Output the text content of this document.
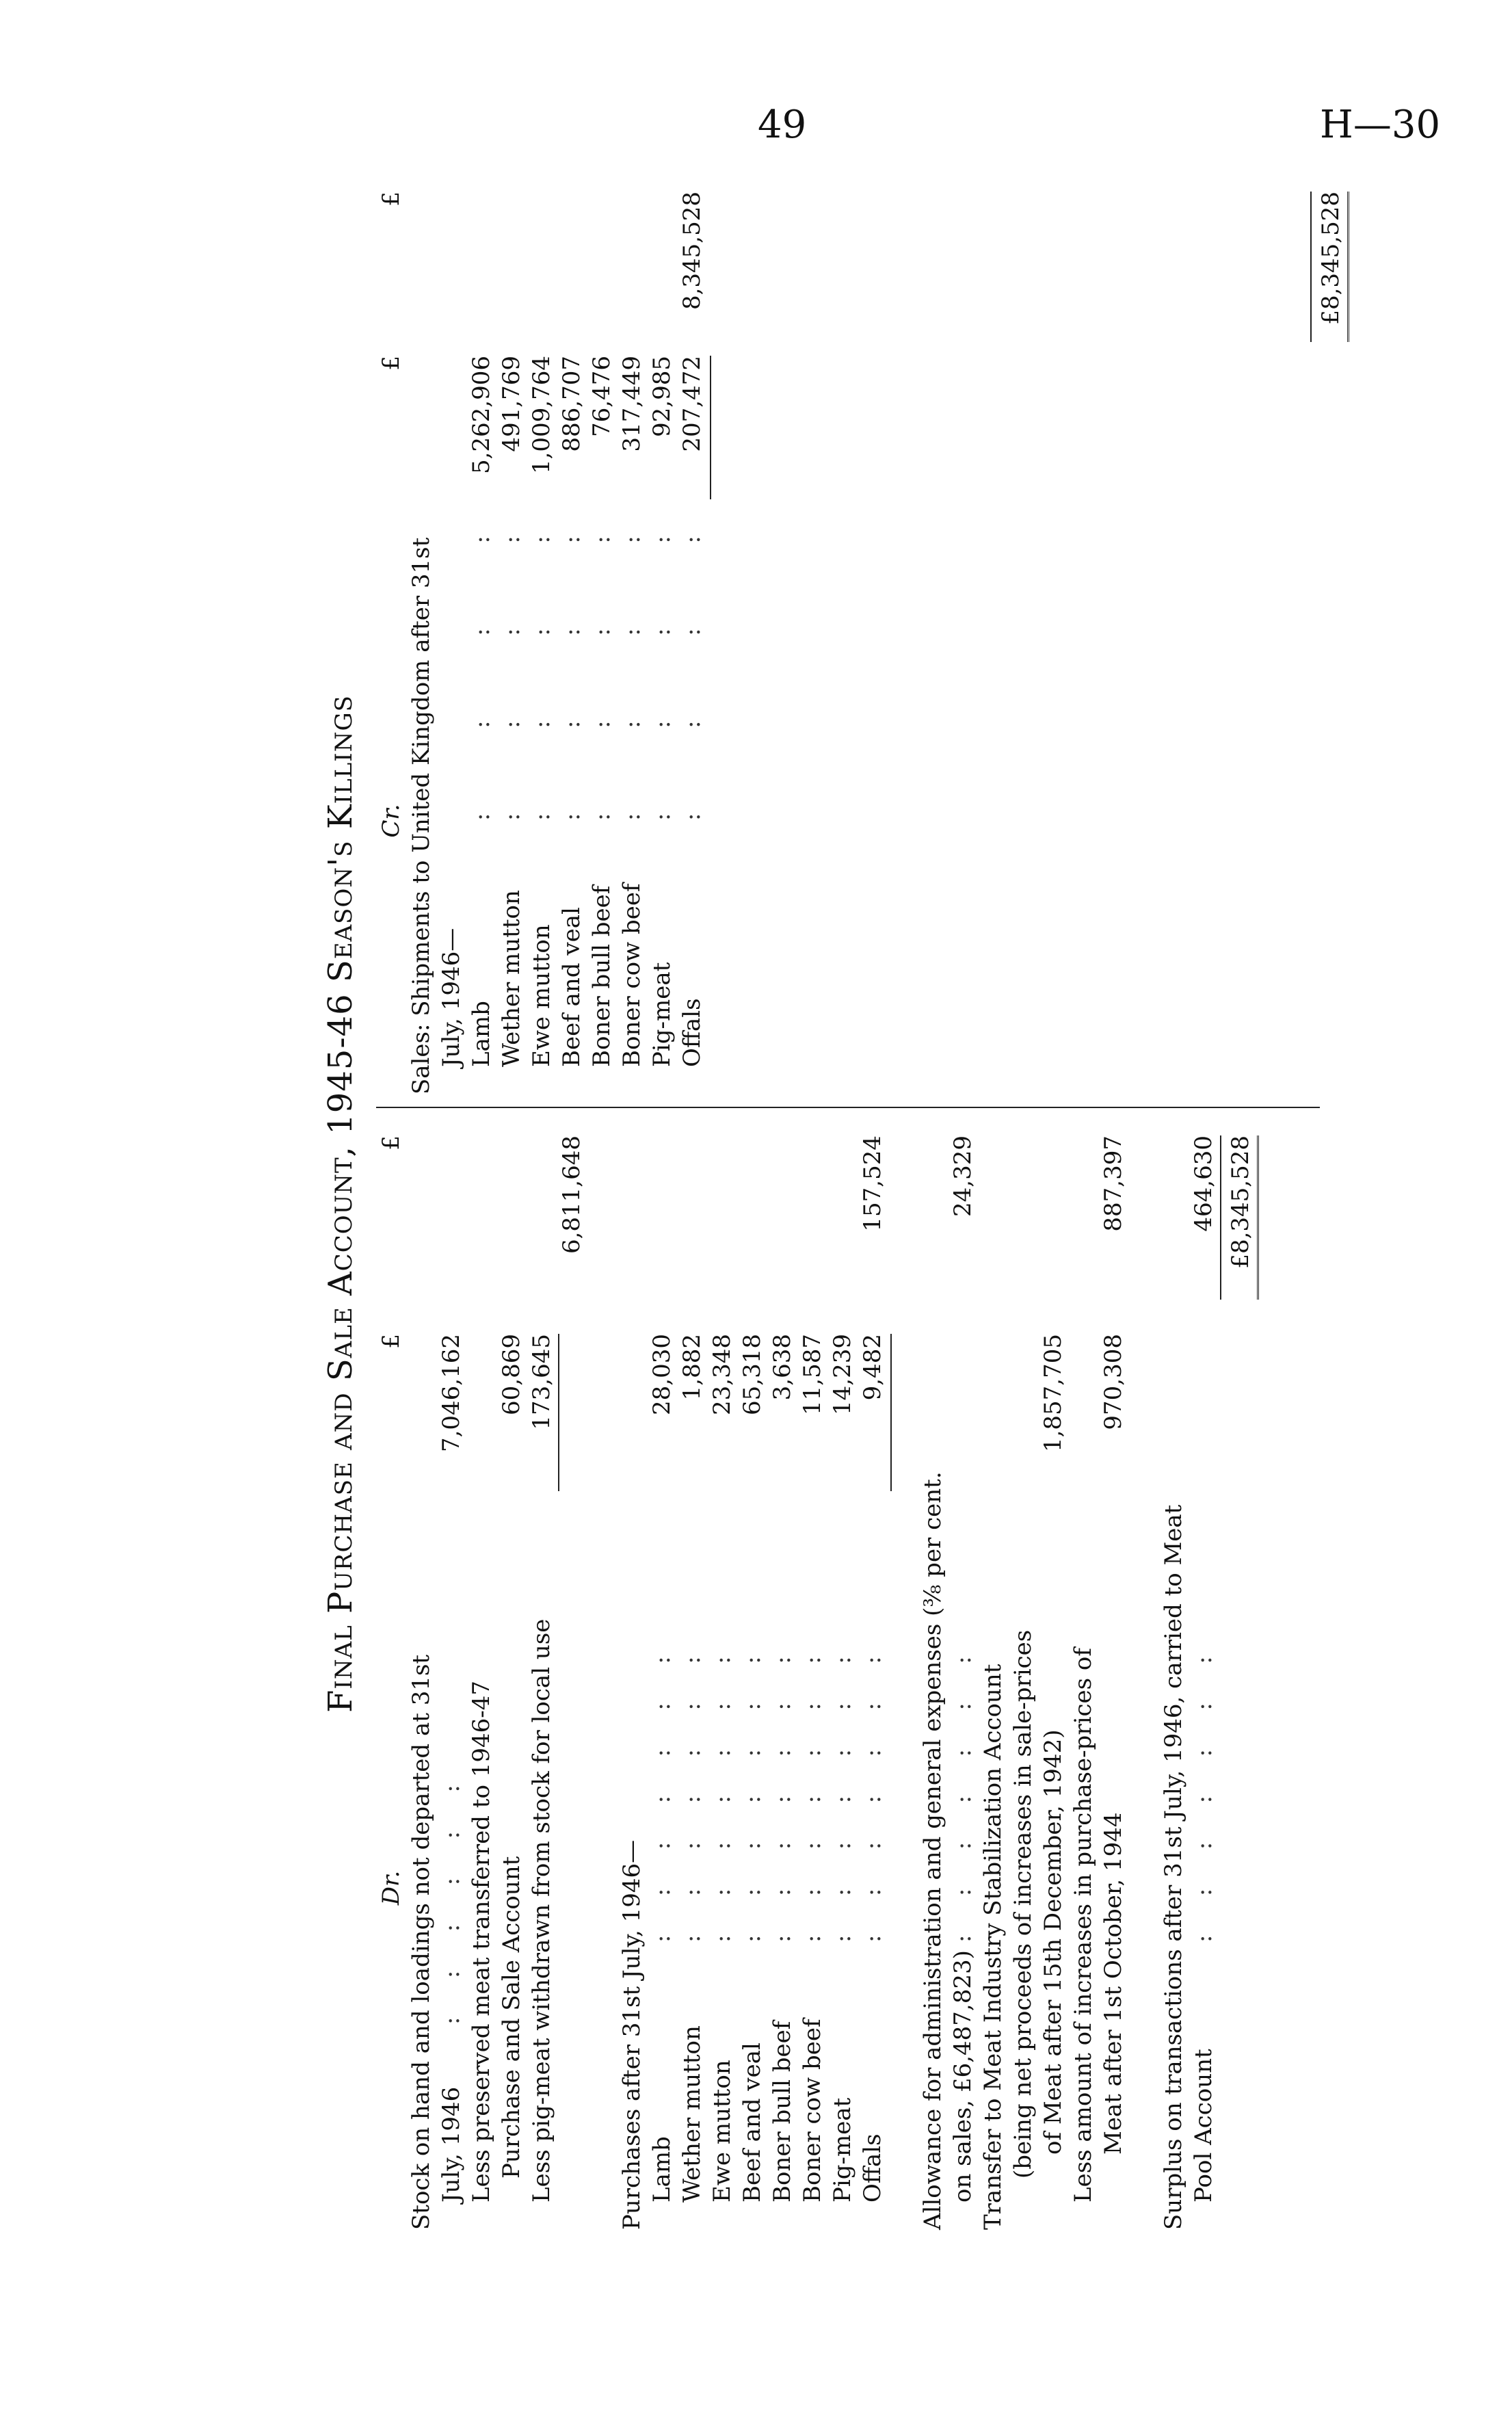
49	H—30
Final Purchase and Sale Account, 1945-46 Season's Killings
Dr.
£
£
Stock on hand and loadings not departed at 31st July, 1946
:   :   :   :   :   :
7,046,162
Less preserved meat transferred to 1946-47 Purchase and Sale Account
60,869
Less pig-meat withdrawn from stock for local use
173,645
6,811,648
Purchases after 31st July, 1946— Lamb
:   :   :   :   :   :   :
28,030
Wether mutton
:   :   :   :   :   :   :
1,882
Ewe mutton
:   :   :   :   :   :   :
23,348
Beef and veal
:   :   :   :   :   :   :
65,318
Boner bull beef
:   :   :   :   :   :   :
3,638
Boner cow beef
:   :   :   :   :   :   :
11,587
Pig-meat
:   :   :   :   :   :   :
14,239
Offals
:   :   :   :   :   :   :
9,482
157,524
Allowance for administration and general expenses (⅜ per cent. on sales, £6,487,823)
:   :   :   :   :   :   :
24,329
Transfer to Meat Industry Stabilization Account (being net proceeds of increases in sale-prices of Meat after 15th December, 1942)
1,857,705
Less amount of increases in purchase-prices of Meat after 1st October, 1944
970,308
887,397
Surplus on transactions after 31st July, 1946, carried to Meat Pool Account
:   :   :   :   :   :   :
464,630 £8,345,528
Cr.
£
£
Sales: Shipments to United Kingdom after 31st July, 1946— Lamb
:       :       :       :
5,262,906
Wether mutton
:       :       :       :
491,769
Ewe mutton
:       :       :       :
1,009,764
Beef and veal
:       :       :       :
886,707
Boner bull beef
:       :       :       :
76,476
Boner cow beef
:       :       :       :
317,449
Pig-meat
:       :       :       :
92,985
Offals
:       :       :       :
207,472
8,345,528	£8,345,528
